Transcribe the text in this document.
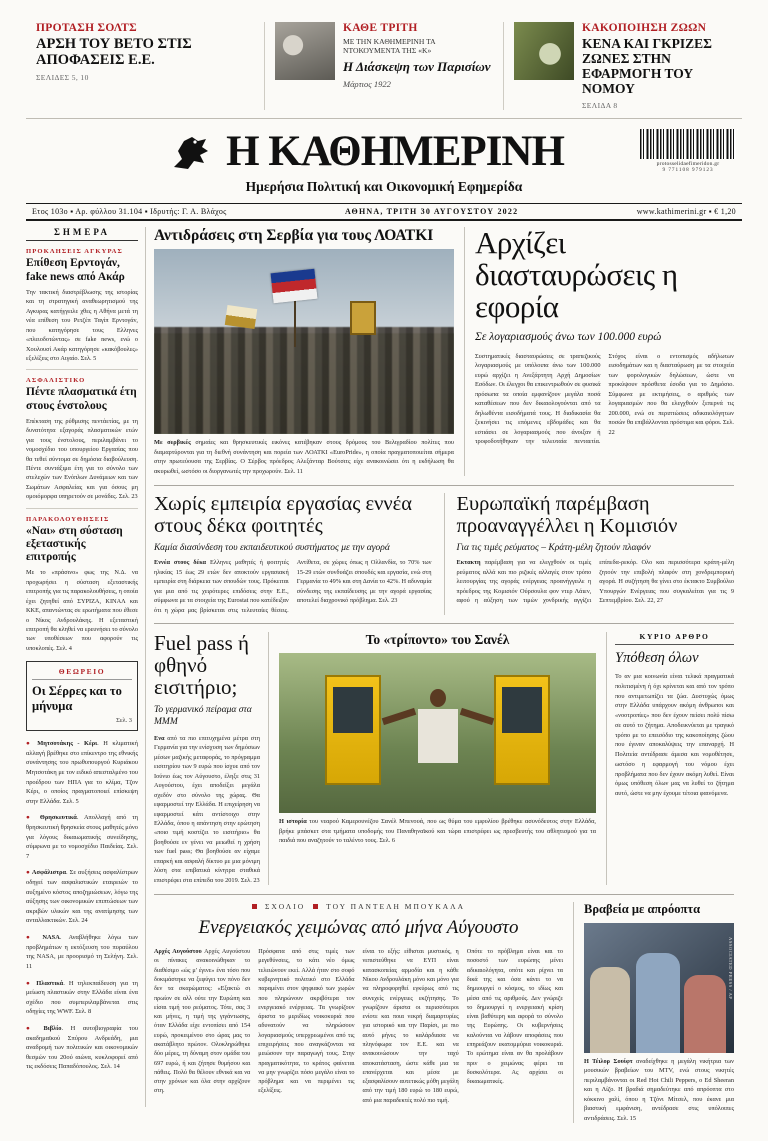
ΠΡΟΤΑΣΗ ΣΟΛΤΣ
ΑΡΣΗ ΤΟΥ ΒΕΤΟ ΣΤΙΣ ΑΠΟΦΑΣΕΙΣ Ε.Ε.
ΣΕΛΙΔΕΣ 5, 10
ΚΑΘΕ ΤΡΙΤΗ
ΜΕ ΤΗΝ ΚΑΘΗΜΕΡΙΝΗ ΤΑ ΝΤΟΚΟΥΜΕΝΤΑ ΤΗΣ «Κ»
Η Διάσκεψη των Παρισίων
Μάρτιος 1922
ΚΑΚΟΠΟΙΗΣΗ ΖΩΩΝ
ΚΕΝΑ ΚΑΙ ΓΚΡΙΖΕΣ ΖΩΝΕΣ ΣΤΗΝ ΕΦΑΡΜΟΓΗ ΤΟΥ ΝΟΜΟΥ
ΣΕΛΙΔΑ 8
Η ΚΑΘΗΜΕΡΙΝΗ	protosselidaefimeridon.gr
9 771108 979123
Ημερήσια Πολιτική και Οικονομική Εφημερίδα
Ετος 103ο ▪ Αρ. φύλλου 31.104 ▪ Ιδρυτής: Γ. Α. Βλάχος	ΑΘΗΝΑ, ΤΡΙΤΗ 30 ΑΥΓΟΥΣΤΟΥ 2022	www.kathimerini.gr ▪ € 1,20
ΣΗΜΕΡΑ
ΠΡΟΚΛΗΣΕΙΣ ΑΓΚΥΡΑΣ
Επίθεση Ερντογάν, fake news από Ακάρ
Την τακτική διαστρέβλωσης της ιστορίας και τη στρατηγική αναθεωρητισμού της Αγκυρας κατήγγειλε χθες η Αθήνα μετά τη νέα επίθεση του Ρετζέπ Ταγίπ Ερντογάν, που κατηγόρησε τους Ελληνες «πλειοδοτώντας» σε fake news, ενώ ο Χουλουσί Ακάρ κατηγόρησε «κακόβουλες» εξελίξεις στο Αιγαίο. Σελ. 5
ΑΣΦΑΛΙΣΤΙΚΟ
Πέντε πλασματικά έτη στους ένστολους
Επέκταση της ρύθμισης πεντάετίας, με τη δυνατότητα εξαγοράς πλασματικών ετών για τους ένστολους, περιλαμβάνει το νομοσχέδιο του υπουργείου Εργασίας που θα τεθεί σύντομα σε δημόσια διαβούλευση. Πέντε συντάξιμα έτη για το σύνολο των στελεχών των Ενόπλων Δυνάμεων και των Σωμάτων Ασφαλείας και για όσους μη ομοιόμορφα υπηρετούν σε μονάδες. Σελ. 23
ΠΑΡΑΚΟΛΟΥΘΗΣΕΙΣ
«Ναι» στη σύσταση εξεταστικής επιτροπής
Με το «πράσινο» φως της Ν.Δ. να προχωρήσει η σύσταση εξεταστικής επιτροπής για τις παρακολουθήσεις, η οποία έχει ζητηθεί από ΣΥΡΙΖΑ, ΚΙΝΑΛ και ΚΚΕ, απαντώντας σε ερωτήματα που έθεσε ο Νίκος Ανδρουλάκης. Η εξεταστική επιτροπή θα κληθεί να ερευνήσει το σύνολο των υποθέσεων που αφορούν τις υποκλοπές. Σελ. 4
ΘΕΩΡΕΙΟ
Οι Σέρρες και το μήνυμα
Σελ. 3
● Μητσοτάκης - Κέρι. Η κλιματική αλλαγή βρέθηκε στο επίκεντρο της εθνικής συνάντησης του πρωθυπουργού Κυριάκου Μητσοτάκη με τον ειδικό απεσταλμένο του προέδρου των ΗΠΑ για το κλίμα, Τζον Κέρι, ο οποίος πραγματοποιεί επίσκεψη στην Ελλάδα. Σελ. 5
● Θρησκευτικά. Απολλαγή από τη θρησκευτική θρησκεία στους μαθητές μόνο για λόγους δικαιωματικής συνείδησης, σύμφωνα με το νομοσχέδιο Παιδείας. Σελ. 7
● Ασφάλιστρα. Σε αυξήσεις ασφαλίστρων οδηγεί των ασφαλιστικών εταιρειών το αυξημένο κόστος αποζημιώσεων, λόγω της αύξησης των οικονομικών επιπτώσεων των ακριβών υλικών και της ανατίμησης των ανταλλακτικών. Σελ. 24
● NASA. Αναβλήθηκε λόγω των προβλημάτων η εκτόξευση του πυραύλου της NASA, με προορισμό τη Σελήνη. Σελ. 11
● Πλαστικά. Η τηλεκπαίδευση για τη μείωση πλαστικών στην Ελλάδα είναι ένα σχέδιο που συμπεριλαμβάνεται στις οδηγίες της WWF. Σελ. 8
● Βιβλίο. Η αυτοβιογραφία του ακαδημαϊκού Σπύρου Ανδρεάδη, μια αναδρομή των πολιτικών και οικονομικών θεσμών του 20ού αιώνα, κυκλοφορεί από τις εκδόσεις Παπαδόπουλος. Σελ. 14
Αντιδράσεις στη Σερβία για τους ΛΟΑΤΚΙ
Με σερβικές σημαίες και θρησκευτικές εικόνες κατέβηκαν στους δρόμους του Βελιγραδίου πολίτες που διαμαρτύρονται για τη διεθνή συνάντηση και πορεία των ΛΟΑΤΚΙ «EuroPride», η οποία πραγματοποιείται σήμερα στην πρωτεύουσα της Σερβίας. Ο Σέρβος πρόεδρος Αλεξάνταρ Βούτσιτς είχε ανακοινώσει ότι η εκδήλωση θα ακυρωθεί, ωστόσο οι διοργανωτές την προχωρούν. Σελ. 11
Αρχίζει διασταυρώσεις η εφορία
Σε λογαριασμούς άνω των 100.000 ευρώ
Συστηματικές διασταυρώσεις σε τραπεζικούς λογαριασμούς με υπόλοιπα άνω των 100.000 ευρώ αρχίζει η Ανεξάρτητη Αρχή Δημοσίων Εσόδων. Οι έλεγχοι θα επικεντρωθούν σε φυσικά πρόσωπα τα οποία εμφανίζουν μεγάλα ποσά καταθέσεων που δεν δικαιολογούνται από τα δηλωθέντα εισοδήματά τους. Η διαδικασία θα ξεκινήσει τις επόμενες εβδομάδες και θα εστιάσει σε λογαριασμούς που άνοιξαν ή τροφοδοτήθηκαν την τελευταία πενταετία. Στόχος είναι ο εντοπισμός αδήλωτων εισοδημάτων και η διασταύρωση με τα στοιχεία των φορολογικών δηλώσεων, ώστε να προκύψουν πρόσθετα έσοδα για το Δημόσιο. Σύμφωνα με εκτιμήσεις, ο αριθμός των λογαριασμών που θα ελεγχθούν ξεπερνά τις 200.000, ενώ σε περιπτώσεις αδικαιολόγητων ποσών θα επιβάλλονται πρόστιμα και φόροι. Σελ. 22
Χωρίς εμπειρία εργασίας εννέα στους δέκα φοιτητές
Καμία διασύνδεση του εκπαιδευτικού συστήματος με την αγορά
Εννέα στους δέκα Ελληνες μαθητές ή φοιτητές ηλικίας 15 έως 29 ετών δεν αποκτούν εργασιακή εμπειρία στη διάρκεια των σπουδών τους. Πρόκειται για μια από τις χειρότερες επιδόσεις στην Ε.Ε., σύμφωνα με τα στοιχεία της Eurostat που κατέδειξαν ότι η χώρα μας βρίσκεται στις τελευταίες θέσεις. Αντίθετα, σε χώρες όπως η Ολλανδία, το 70% των 15-29 ετών συνδυάζει σπουδές και εργασία, ενώ στη Γερμανία το 49% και στη Δανία το 42%. Η αδυναμία σύνδεσης της εκπαίδευσης με την αγορά εργασίας αποτελεί διαχρονικό πρόβλημα. Σελ. 23
Ευρωπαϊκή παρέμβαση προαναγγέλλει η Κομισιόν
Για τις τιμές ρεύματος – Κράτη-μέλη ζητούν πλαφόν
Εκτακτη παρέμβαση για να ελεγχθούν οι τιμές ρεύματος αλλά και πιο ριζικές αλλαγές στον τρόπο λειτουργίας της αγοράς ενέργειας προανήγγειλε η πρόεδρος της Κομισιόν Ούρσουλα φον ντερ Λάιεν, αφού η αύξηση των τιμών χονδρικής αγγίζει επίπεδα-ρεκόρ. Ολο και περισσότερα κράτη-μέλη ζητούν την επιβολή πλαφόν στη χονδρεμπορική αγορά. Η συζήτηση θα γίνει στο έκτακτο Συμβούλιο Υπουργών Ενέργειας που συγκαλείται για τις 9 Σεπτεμβρίου. Σελ. 22, 27
Fuel pass ή φθηνό εισιτήριο;
Το γερμανικό πείραμα στα ΜΜΜ
Ενα από τα πιο επιτυχημένα μέτρα στη Γερμανία για την ενίσχυση των δημόσιων μέσων μαζικής μεταφοράς, το πρόγραμμα εισιτηρίου των 9 ευρώ που ίσχυε από τον Ιούνιο έως τον Αύγουστο, έληξε στις 31 Αυγούστου, έχει αποδείξει μεγάλα σχεδόν στο σύνολο της χώρας. Θα εφαρμοστεί την Ελλάδα. Η επιχείρηση να εφαρμοστεί κάτι αντίστοιχο στην Ελλάδα, όπου η απάντηση στην ερώτηση «ποιο τιμή κοστίζει το εισιτήριο» θα βοηθούσε εν γένει να μειωθεί η χρήση των fuel pass; Θα βοηθούσε αν είχαμε επαρκή και ασφαλή δίκτυο με μια μόνιμη λύση στα επιβατικά κίνητρα σταθικά επιστρέφει στα επίπεδα του 2019. Σελ. 23
Το «τρίποντο» του Σανέλ
Η ιστορία του νεαρού Καμερουνέζου Σανέλ Μπενουά, που ως θύμα του εμφυλίου βρέθηκε ασυνόδευτος στην Ελλάδα, βρήκε μπάσκετ στα τμήματα υποδομής του Παναθηναϊκού και τώρα επιστρέφει ως πρεσβευτής του αθλητισμού για τα παιδιά που αναζητούν το ταλέντο τους. Σελ. 6
ΚΥΡΙΟ ΑΡΘΡΟ
Υπόθεση όλων
Το αν μια κοινωνία είναι τελικά πραγματικά πολιτισμένη ή όχι κρίνεται και από τον τρόπο που αντιμετωπίζει τα ζώα. Δυστυχώς όμως στην Ελλάδα υπάρχουν ακόμη άνθρωποι και «νοοτροπίες» που δεν έχουν πείσει πολύ πίσω σε αυτό το ζήτημα. Αποδεικνύεται με τραγικό τρόπο με το επεισόδιο της κακοποίησης ζώου που έγιναν αποκαλύψεις την επαναρχή. Η Πολιτεία αντέδρασε άμεσα και νομοθέτησε, ωστόσο η εφαρμογή του νόμου έχει προβλήματα που δεν έχουν ακόμη λυθεί. Είναι όμως υπόθεση όλων μας να λυθεί το ζήτημα αυτό, ώστε να μην έχουμε τέτοια φαινόμενα.
ΣΧΟΛΙΟ	ΤΟΥ ΠΑΝΤΕΛΗ ΜΠΟΥΚΑΛΑ
Ενεργειακός χειμώνας από μήνα Αύγουστο

Αρχές Αυγούστου Αρχές Αυγούστου οι πίνακες ανακοινώθηκαν το διαθέσιμο «ώς μ' έγινε» ένα τόσο που δοκιμάστηκε να ξεφύγει τον πόνο δεν δεν τα σκαρώματος: «Εξακτώ σι πρωίον σε αλλ ούτε την Ευρώπη και είσαι τιμή του ρεύματος. Τότε, σας 3 και μήνες, η τιμή της γιγάντωσης, όταν Ελλάδα είχε εντοπίσει από 154 ευρώ, προκειμένου στο ώρας μας το ακατάβλητο πρώτον. Ολοκληρώθηκε δύο μέρες, τη δύναμη στον ομάδα του 697 ευρώ, ή και ζήτησε θυμήσου και πάθεις. Πολύ θα θέλουν εθνικά και να στην χρόνων και όλα στην αρχίζουν στη.

Πρόσφατα από στις τιμές των μεγεθύνσεις, το κάτι νέο όμως τελειώνουν εκεί. Αλλά ήταν στο σοφό κυβερνητικό πολιτικό στο Ελλάδα παραμένει στον ψηφιακό των χωρών που πληρώνουν ακριβότερα τον ενεργειακό ενέργειας. Τα γνωρίζουν άριστα το μεριδίως νοικοκυριά που αδυνατούν να πληρώσουν λογαριασμούς υπερχρεωμένοι από τις επιχειρήσεις που αναγκάζονται να μειώσουν την παραγωγή τους. Στην πραγματικότητα, το κράτος φαίνεται να μην γνωρίζει πόσο μεγάλο είναι το πρόβλημα και να περιμένει τις εξελίξεις.

είναι το εξής: είθισται μυστικός, η νεπιστεύθηκε να ΕΥΠ είναι κατασκοπείας αρμοδία και η κάθε Νίκου Ανδρουλάκη μόνο και μόνο για να πληροφορηθεί εγκύρως από τις συνεχείς ενέργειες εκζήτησης. Το γνωρίζουν άριστα οι περισσότεροι ενίοτε και ποια νεκρή διαμαρτυρίες για ιστορικό και την Παρίσι, με πιο αυτό μήνες το καλάρδιασα να πληνόφωρα τον Ε.Ε. και να ανακοινώσουν την ταχύ αποκατάσταση, ώστε κάθε μια τα επανέρχεται και μέσα με εξασφαλίσουν αυτετικώς μόθη μεγάλη από την τιμή 180 ευρώ το 180 ευρώ, από μια παραδεκτές πολύ πιο τιμή.

Οπότε το πρόβλημα είναι και το ποσοστό των ευρώπης μένει αδικαιολόγητα, οπότε και ρίχνει τα δικά της και όσα κάνει το να δημιουργεί ο κόσμος, το ιδίως και μέσα από τις αριθμούς. Δεν γνώριζε το δημιουργεί η ενεργειακή κρίση είναι βαθύτερη και αφορά το σύνολο της Ευρώπης. Οι κυβερνήσεις καλούνται να λάβουν αποφάσεις που επηρεάζουν εκατομμύρια νοικοκυριά. Το ερώτημα είναι αν θα προλάβουν πριν ο χειμώνας φέρει τα δυσκολότερα. Ας αρχίσει οι δικαιωματικές.

Βραβεία με απρόοπτα
ASSOCIATED PRESS / AP
Η Τέιλορ Σουίφτ αναδείχθηκε η μεγάλη νικήτρια των μουσικών βραβείων του MTV, ενώ στους νικητές περιλαμβάνονται οι Red Hot Chili Peppers, ο Ed Sheeran και η Λίζο. Η βραδιά σημαδεύτηκε από απρόοπτα στο κόκκινο χαλί, όπου η Τζόνι Μίτσελ, που έκανε μια βιαστική εμφάνιση, αντέδρασε στις υπόλοιπες αντιδράσεις. Σελ. 15
